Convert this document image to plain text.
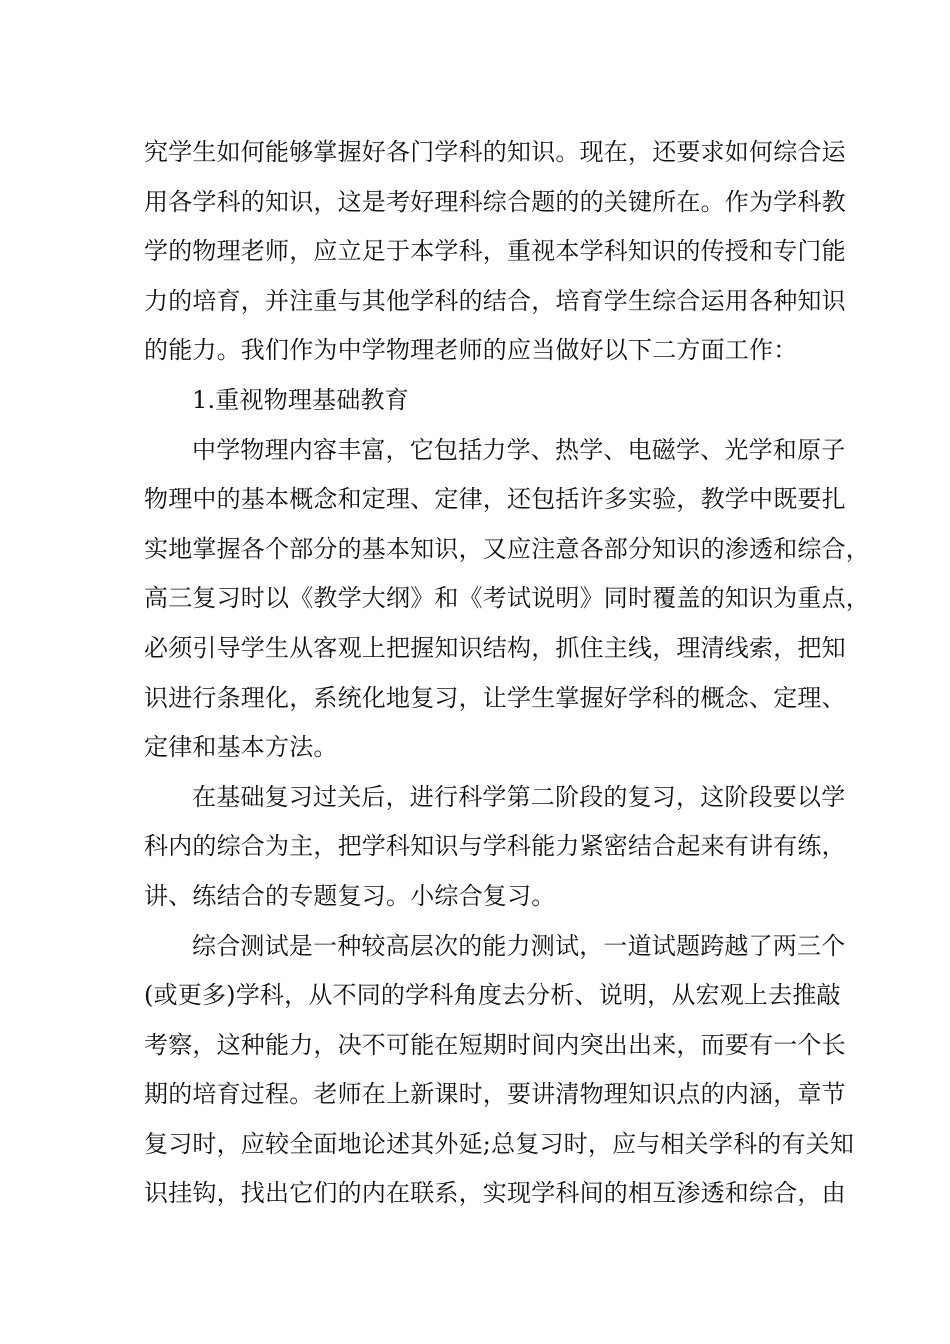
究学生如何能够掌握好各门学科的知识。现在，还要求如何综合运
用各学科的知识，这是考好理科综合题的的关键所在。作为学科教
学的物理老师，应立足于本学科，重视本学科知识的传授和专门能
力的培育，并注重与其他学科的结合，培育学生综合运用各种知识
的能力。我们作为中学物理老师的应当做好以下二方面工作：
1.重视物理基础教育
中学物理内容丰富，它包括力学、热学、电磁学、光学和原子
物理中的基本概念和定理、定律，还包括许多实验，教学中既要扎
实地掌握各个部分的基本知识，又应注意各部分知识的渗透和综合，
高三复习时以《教学大纲》和《考试说明》同时覆盖的知识为重点，
必须引导学生从客观上把握知识结构，抓住主线，理清线索，把知
识进行条理化，系统化地复习，让学生掌握好学科的概念、定理、
定律和基本方法。
在基础复习过关后，进行科学第二阶段的复习，这阶段要以学
科内的综合为主，把学科知识与学科能力紧密结合起来有讲有练，
讲、练结合的专题复习。小综合复习。
综合测试是一种较高层次的能力测试，一道试题跨越了两三个
(或更多)学科，从不同的学科角度去分析、说明，从宏观上去推敲
考察，这种能力，决不可能在短期时间内突出出来，而要有一个长
期的培育过程。老师在上新课时，要讲清物理知识点的内涵，章节
复习时，应较全面地论述其外延;总复习时，应与相关学科的有关知
识挂钩，找出它们的内在联系，实现学科间的相互渗透和综合，由
